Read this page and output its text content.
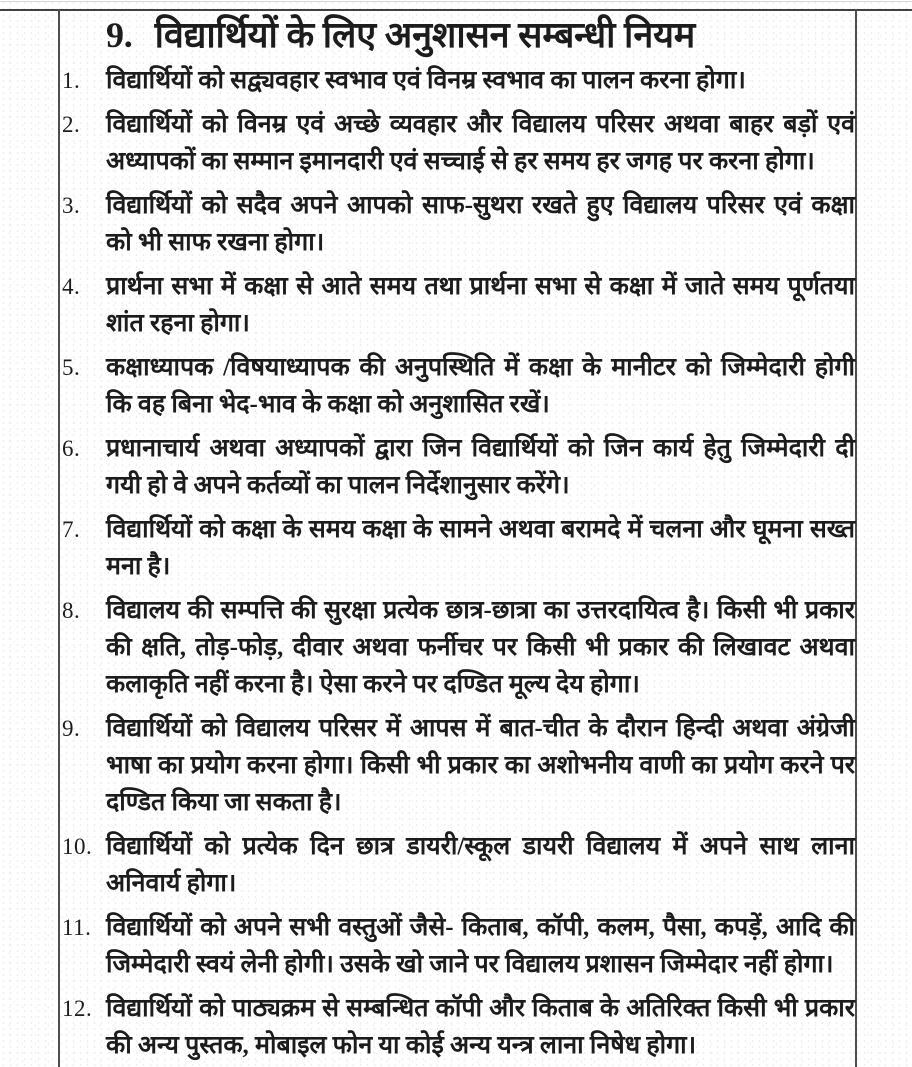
9. विद्यार्थियों के लिए अनुशासन सम्बन्धी नियम
1.	विद्यार्थियों को सद्व्यवहार स्वभाव एवं विनम्र स्वभाव का पालन करना होगा।
2.	विद्यार्थियों को विनम्र एवं अच्छे व्यवहार और विद्यालय परिसर अथवा बाहर बड़ों एवं
अध्यापकों का सम्मान इमानदारी एवं सच्चाई से हर समय हर जगह पर करना होगा।
3.	विद्यार्थियों को सदैव अपने आपको साफ-सुथरा रखते हुए विद्यालय परिसर एवं कक्षा
को भी साफ रखना होगा।
4.	प्रार्थना सभा में कक्षा से आते समय तथा प्रार्थना सभा से कक्षा में जाते समय पूर्णतया
शांत रहना होगा।
5.	कक्षाध्यापक /विषयाध्यापक की अनुपस्थिति में कक्षा के मानीटर को जिम्मेदारी होगी
कि वह बिना भेद-भाव के कक्षा को अनुशासित रखें।
6.	प्रधानाचार्य अथवा अध्यापकों द्वारा जिन विद्यार्थियों को जिन कार्य हेतु जिम्मेदारी दी
गयी हो वे अपने कर्तव्यों का पालन निर्देशानुसार करेंगे।
7.	विद्यार्थियों को कक्षा के समय कक्षा के सामने अथवा बरामदे में चलना और घूमना सख्त
मना है।
8.	विद्यालय की सम्पत्ति की सुरक्षा प्रत्येक छात्र-छात्रा का उत्तरदायित्व है। किसी भी प्रकार
की क्षति, तोड़-फोड़, दीवार अथवा फर्नीचर पर किसी भी प्रकार की लिखावट अथवा
कलाकृति नहीं करना है। ऐसा करने पर दण्डित मूल्य देय होगा।
9.	विद्यार्थियों को विद्यालय परिसर में आपस में बात-चीत के दौरान हिन्दी अथवा अंग्रेजी
भाषा का प्रयोग करना होगा। किसी भी प्रकार का अशोभनीय वाणी का प्रयोग करने पर
दण्डित किया जा सकता है।
10. विद्यार्थियों को प्रत्येक दिन छात्र डायरी/स्कूल डायरी विद्यालय में अपने साथ लाना
अनिवार्य होगा।
11. विद्यार्थियों को अपने सभी वस्तुओं जैसे- किताब, कॉपी, कलम, पैसा, कपड़ें, आदि की
जिम्मेदारी स्वयं लेनी होगी। उसके खो जाने पर विद्यालय प्रशासन जिम्मेदार नहीं होगा।
12. विद्यार्थियों को पाठ्यक्रम से सम्बन्धित कॉपी और किताब के अतिरिक्त किसी भी प्रकार
की अन्य पुस्तक, मोबाइल फोन या कोई अन्य यन्त्र लाना निषेध होगा।
